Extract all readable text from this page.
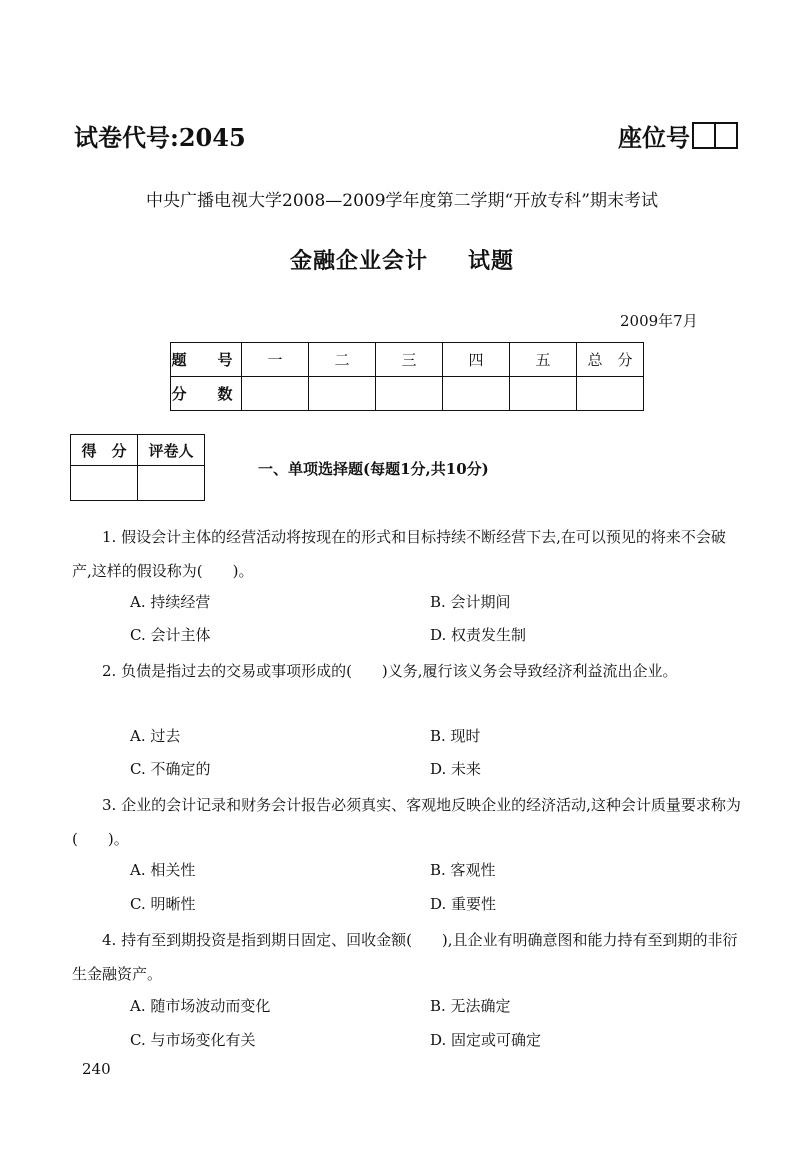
试卷代号:2045	座位号
中央广播电视大学2008—2009学年度第二学期“开放专科”期末考试
金融企业会计 试题
2009年7月
题　号	一	二	三	四	五	总　分
分　数						
得　分	评卷人

一、单项选择题(每题1分,共10分)
1. 假设会计主体的经营活动将按现在的形式和目标持续不断经营下去,在可以预见的将来不会破产,这样的假设称为(　　)。
A. 持续经营	B. 会计期间
C. 会计主体	D. 权责发生制
2. 负债是指过去的交易或事项形成的(　　)义务,履行该义务会导致经济利益流出企业。
A. 过去	B. 现时
C. 不确定的	D. 未来
3. 企业的会计记录和财务会计报告必须真实、客观地反映企业的经济活动,这种会计质量要求称为(　　)。
A. 相关性	B. 客观性
C. 明晰性	D. 重要性
4. 持有至到期投资是指到期日固定、回收金额(　　),且企业有明确意图和能力持有至到期的非衍生金融资产。
A. 随市场波动而变化	B. 无法确定
C. 与市场变化有关	D. 固定或可确定
240
